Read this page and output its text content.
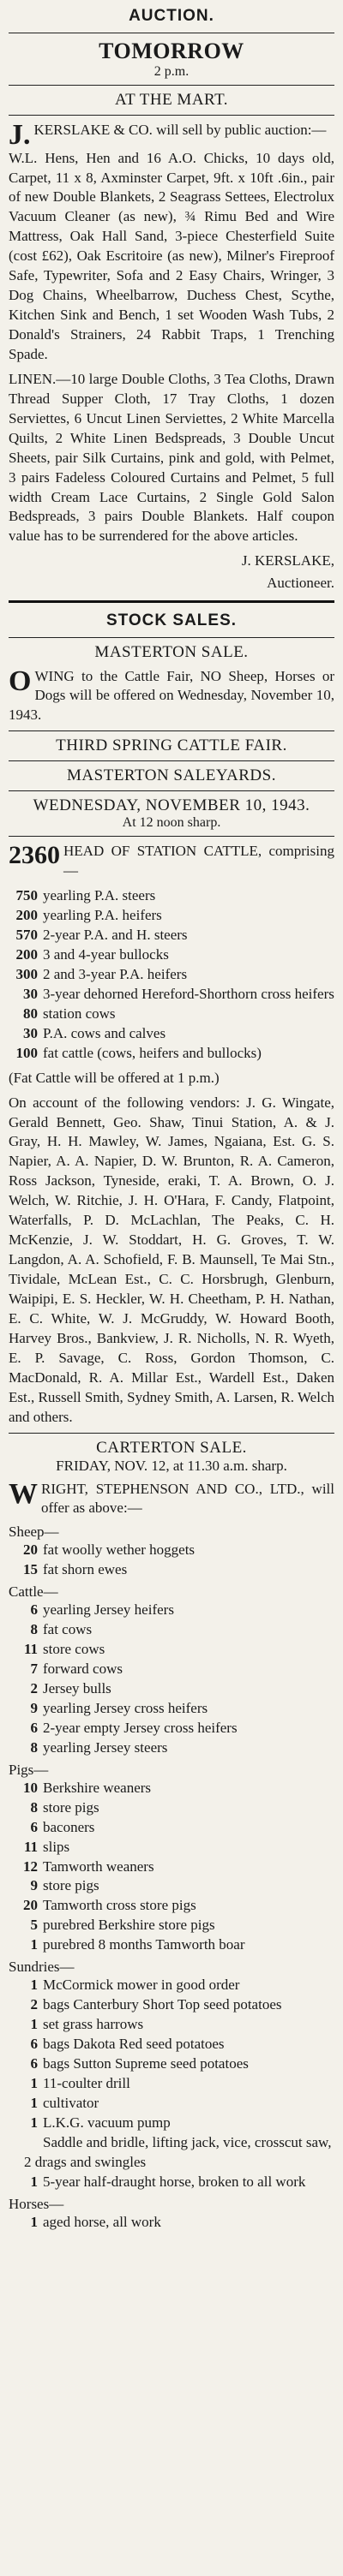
AUCTION.
TOMORROW
2 p.m.
AT THE MART.
J. KERSLAKE & CO. will sell by public auction:—
W.L. Hens, Hen and 16 A.O. Chicks, 10 days old, Carpet, 11 x 8, Axminster Carpet, 9ft. x 10ft .6in., pair of new Double Blankets, 2 Seagrass Settees, Electrolux Vacuum Cleaner (as new), ¾ Rimu Bed and Wire Mattress, Oak Hall Sand, 3-piece Chesterfield Suite (cost £62), Oak Escritoire (as new), Milner's Fireproof Safe, Typewriter, Sofa and 2 Easy Chairs, Wringer, 3 Dog Chains, Wheelbarrow, Duchess Chest, Scythe, Kitchen Sink and Bench, 1 set Wooden Wash Tubs, 2 Donald's Strainers, 24 Rabbit Traps, 1 Trenching Spade.
LINEN.—10 large Double Cloths, 3 Tea Cloths, Drawn Thread Supper Cloth, 17 Tray Cloths, 1 dozen Serviettes, 6 Uncut Linen Serviettes, 2 White Marcella Quilts, 2 White Linen Bedspreads, 3 Double Uncut Sheets, pair Silk Curtains, pink and gold, with Pelmet, 3 pairs Fadeless Coloured Curtains and Pelmet, 5 full width Cream Lace Curtains, 2 Single Gold Salon Bedspreads, 3 pairs Double Blankets. Half coupon value has to be surrendered for the above articles.
J. KERSLAKE,
Auctioneer.
STOCK SALES.
MASTERTON SALE.
O WING to the Cattle Fair, NO Sheep, Horses or Dogs will be offered on Wednesday, November 10, 1943.
THIRD SPRING CATTLE FAIR.
MASTERTON SALEYARDS.
WEDNESDAY, NOVEMBER 10, 1943.
At 12 noon sharp.
2360 HEAD OF STATION CATTLE, comprising—
750 yearling P.A. steers
200 yearling P.A. heifers
570 2-year P.A. and H. steers
200 3 and 4-year bullocks
300 2 and 3-year P.A. heifers
30 3-year dehorned Hereford-Shorthorn cross heifers
80 station cows
30 P.A. cows and calves
100 fat cattle (cows, heifers and bullocks)
(Fat Cattle will be offered at 1 p.m.)
On account of the following vendors: J. G. Wingate, Gerald Bennett, Geo. Shaw, Tinui Station, A. & J. Gray, H. H. Mawley, W. James, Ngaiana, Est. G. S. Napier, A. A. Napier, D. W. Brunton, R. A. Cameron, Ross Jackson, Tyneside, eraki, T. A. Brown, O. J. Welch, W. Ritchie, J. H. O'Hara, F. Candy, Flatpoint, Waterfalls, P. D. McLachlan, The Peaks, C. H. McKenzie, J. W. Stoddart, H. G. Groves, T. W. Langdon, A. A. Schofield, F. B. Maunsell, Te Mai Stn., Tividale, McLean Est., C. C. Horsbrugh, Glenburn, Waipipi, E. S. Heckler, W. H. Cheetham, P. H. Nathan, E. C. White, W. J. McGruddy, W. Howard Booth, Harvey Bros., Bankview, J. R. Nicholls, N. R. Wyeth, E. P. Savage, C. Ross, Gordon Thomson, C. MacDonald, R. A. Millar Est., Wardell Est., Daken Est., Russell Smith, Sydney Smith, A. Larsen, R. Welch and others.
CARTERTON SALE.
FRIDAY, NOV. 12, at 11.30 a.m. sharp.
W RIGHT, STEPHENSON AND CO., LTD., will offer as above:—
Sheep—
20 fat woolly wether hoggets
15 fat shorn ewes
Cattle—
6 yearling Jersey heifers
8 fat cows
11 store cows
7 forward cows
2 Jersey bulls
9 yearling Jersey cross heifers
6 2-year empty Jersey cross heifers
8 yearling Jersey steers
Pigs—
10 Berkshire weaners
8 store pigs
6 baconers
11 slips
12 Tamworth weaners
9 store pigs
20 Tamworth cross store pigs
5 purebred Berkshire store pigs
1 purebred 8 months Tamworth boar
Sundries—
1 McCormick mower in good order
2 bags Canterbury Short Top seed potatoes
1 set grass harrows
6 bags Dakota Red seed potatoes
6 bags Sutton Supreme seed potatoes
1 11-coulter drill
1 cultivator
1 L.K.G. vacuum pump
Saddle and bridle, lifting jack, vice, crosscut saw, 2 drags and swingles
1 5-year half-draught horse, broken to all work
Horses—
1 aged horse, all work
